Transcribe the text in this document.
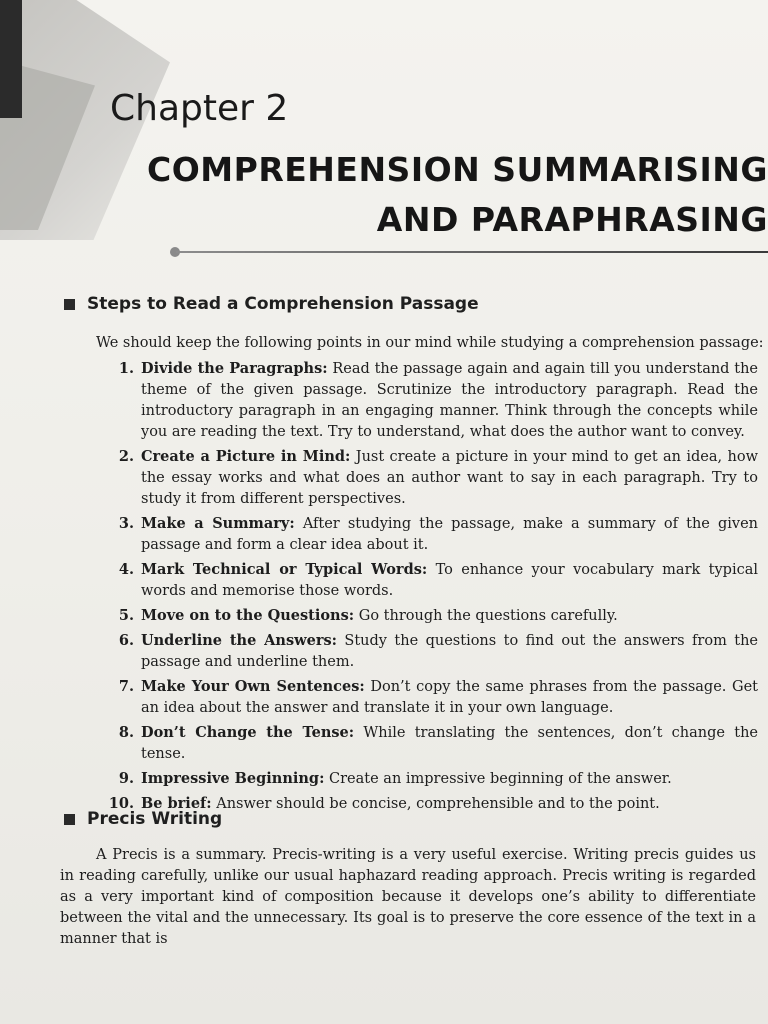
Chapter 2
COMPREHENSION SUMMARISING
AND PARAPHRASING
Steps to Read a Comprehension Passage
We should keep the following points in our mind while studying a comprehension passage:
1. Divide the Paragraphs: Read the passage again and again till you understand the theme of the given passage. Scrutinize the introductory paragraph. Read the introductory paragraph in an engaging manner. Think through the concepts while you are reading the text. Try to understand, what does the author want to convey.
2. Create a Picture in Mind: Just create a picture in your mind to get an idea, how the essay works and what does an author want to say in each paragraph. Try to study it from different perspectives.
3. Make a Summary: After studying the passage, make a summary of the given passage and form a clear idea about it.
4. Mark Technical or Typical Words: To enhance your vocabulary mark typical words and memorise those words.
5. Move on to the Questions: Go through the questions carefully.
6. Underline the Answers: Study the questions to find out the answers from the passage and underline them.
7. Make Your Own Sentences: Don’t copy the same phrases from the passage. Get an idea about the answer and translate it in your own language.
8. Don’t Change the Tense: While translating the sentences, don’t change the tense.
9. Impressive Beginning: Create an impressive beginning of the answer.
10. Be brief: Answer should be concise, comprehensible and to the point.
Precis Writing

A Precis is a summary. Precis-writing is a very useful exercise. Writing precis guides us in reading carefully, unlike our usual haphazard reading approach. Precis writing is regarded as a very important kind of composition because it develops one’s ability to differentiate between the vital and the unnecessary. Its goal is to preserve the core essence of the text in a manner that is
